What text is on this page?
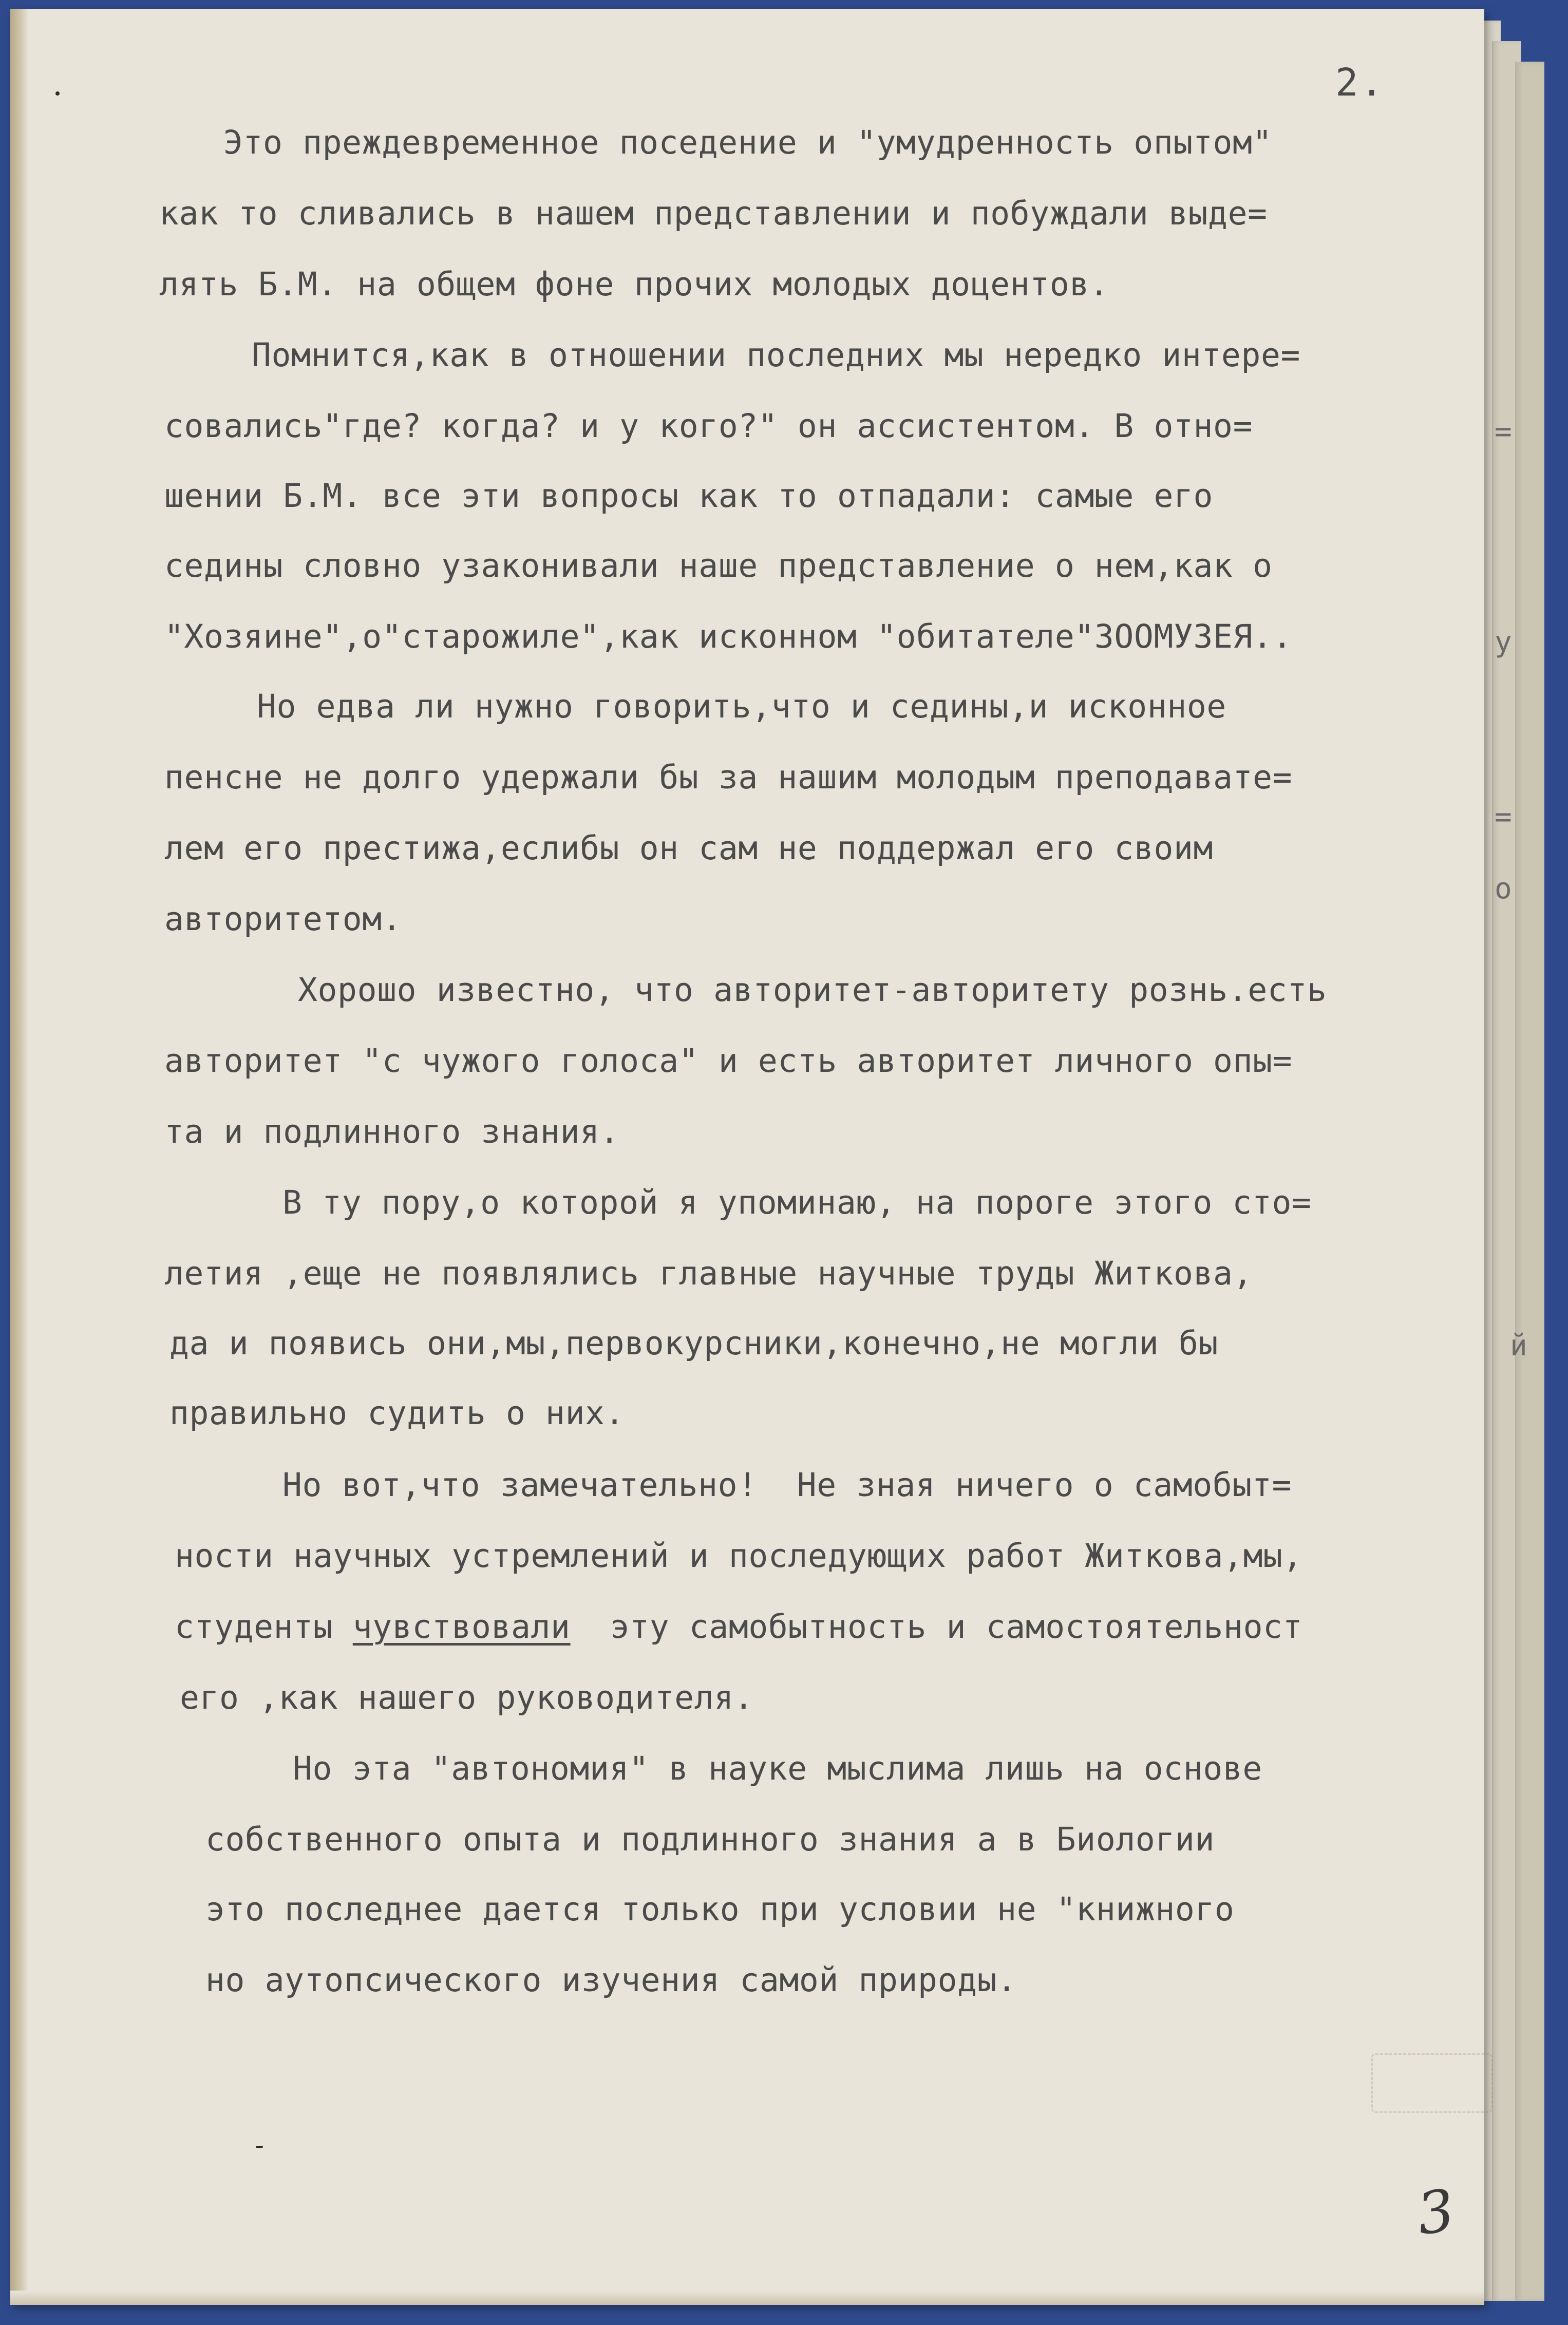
2.
Это преждевременное поседение и "умудренность опытом"
как то сливались в нашем представлении и побуждали выде=
лять Б.М. на общем фоне прочих молодых доцентов.
Помнится,как в отношении последних мы нередко интере=
совались"где? когда? и у кого?" он ассистентом. В отно=
шении Б.М. все эти вопросы как то отпадали: самые его
седины словно узаконивали наше представление о нем,как о
"Хозяине",о"старожиле",как исконном "обитателе"ЗООМУЗЕЯ..
Но едва ли нужно говорить,что и седины,и исконное
пенсне не долго удержали бы за нашим молодым преподавате=
лем его престижа,еслибы он сам не поддержал его своим
авторитетом.
Хорошо известно, что авторитет-авторитету рознь.есть
авторитет "с чужого голоса" и есть авторитет личного опы=
та и подлинного знания.
В ту пору,о которой я упоминаю, на пороге этого сто=
летия ,еще не появлялись главные научные труды Житкова,
да и появись они,мы,первокурсники,конечно,не могли бы
правильно судить о них.
Но вот,что замечательно!  Не зная ничего о самобыт=
ности научных устремлений и последующих работ Житкова,мы,
студенты чувствовали  эту самобытность и самостоятельност
его ,как нашего руководителя.
Но эта "автономия" в науке мыслима лишь на основе
собственного опыта и подлинного знания а в Биологии
это последнее дается только при условии не "книжного
но аутопсического изучения самой природы.
=
у
=
о
й
3
